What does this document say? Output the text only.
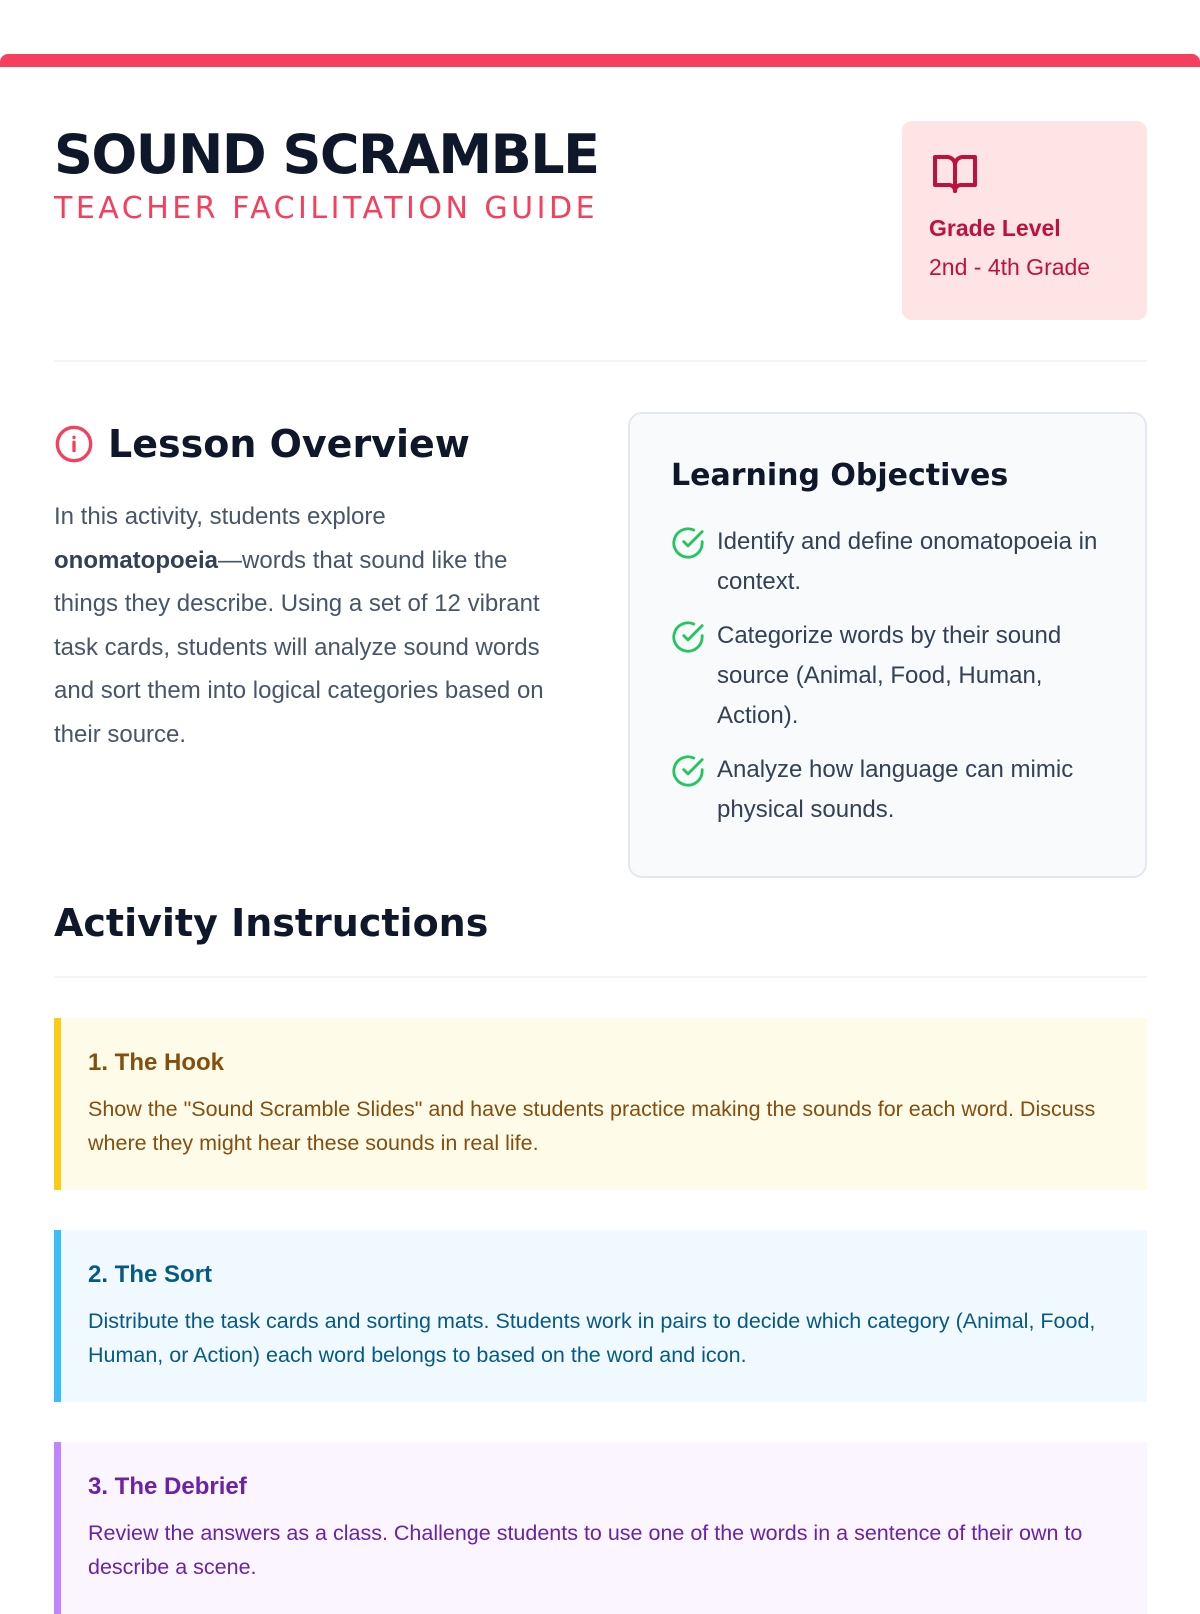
SOUND SCRAMBLE
TEACHER FACILITATION GUIDE
Grade Level
2nd - 4th Grade
Lesson Overview

In this activity, students explore
onomatopoeia—words that sound like the things they describe. Using a set of 12 vibrant task cards, students will analyze sound words and sort them into logical categories based on their source.

Learning Objectives
Identify and define onomatopoeia in context.
Categorize words by their sound source (Animal, Food, Human, Action).
Analyze how language can mimic physical sounds.
Activity Instructions
1. The Hook

Show the "Sound Scramble Slides" and have students practice making the sounds for each word. Discuss where they might hear these sounds in real life.

2. The Sort

Distribute the task cards and sorting mats. Students work in pairs to decide which category (Animal, Food, Human, or Action) each word belongs to based on the word and icon.

3. The Debrief

Review the answers as a class. Challenge students to use one of the words in a sentence of their own to describe a scene.
